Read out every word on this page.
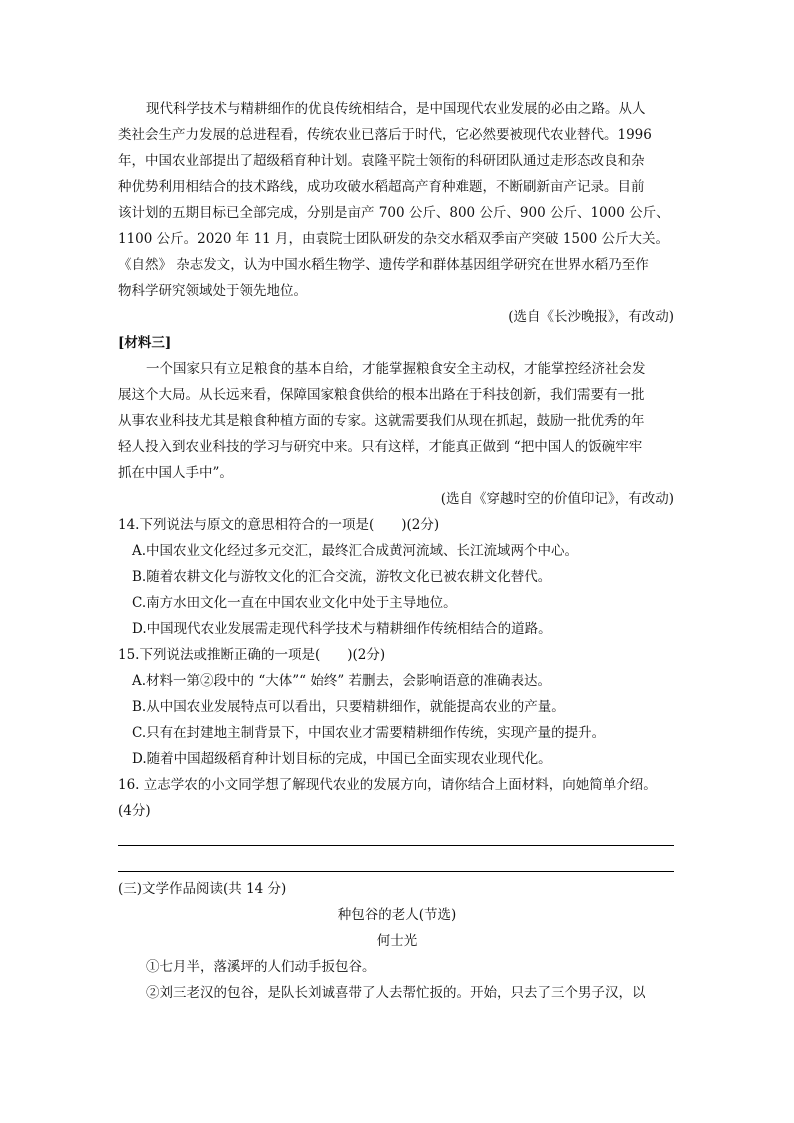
现代科学技术与精耕细作的优良传统相结合，是中国现代农业发展的必由之路。从人
类社会生产力发展的总进程看，传统农业已落后于时代，它必然要被现代农业替代。1996
年，中国农业部提出了超级稻育种计划。袁隆平院士领衔的科研团队通过走形态改良和杂
种优势利用相结合的技术路线，成功攻破水稻超高产育种难题，不断刷新亩产记录。目前
该计划的五期目标已全部完成，分别是亩产 700 公斤、800 公斤、900 公斤、1000 公斤、
1100 公斤。2020 年 11 月，由袁院士团队研发的杂交水稻双季亩产突破 1500 公斤大关。
《自然》 杂志发文，认为中国水稻生物学、遗传学和群体基因组学研究在世界水稻乃至作
物科学研究领域处于领先地位。
(选自《长沙晚报》，有改动)
[材料三]
一个国家只有立足粮食的基本自给，才能掌握粮食安全主动权，才能掌控经济社会发
展这个大局。从长远来看，保障国家粮食供给的根本出路在于科技创新，我们需要有一批
从事农业科技尤其是粮食种植方面的专家。这就需要我们从现在抓起，鼓励一批优秀的年
轻人投入到农业科技的学习与研究中来。只有这样，才能真正做到 “把中国人的饭碗牢牢
抓在中国人手中”。
(选自《穿越时空的价值印记》，有改动)
14.下列说法与原文的意思相符合的一项是(　　)(2分)
A.中国农业文化经过多元交汇，最终汇合成黄河流域、长江流域两个中心。
B.随着农耕文化与游牧文化的汇合交流，游牧文化已被农耕文化替代。
C.南方水田文化一直在中国农业文化中处于主导地位。
D.中国现代农业发展需走现代科学技术与精耕细作传统相结合的道路。
15.下列说法或推断正确的一项是(　　)(2分)
A.材料一第②段中的 “大体”“ 始终” 若删去，会影响语意的准确表达。
B.从中国农业发展特点可以看出，只要精耕细作，就能提高农业的产量。
C.只有在封建地主制背景下，中国农业才需要精耕细作传统，实现产量的提升。
D.随着中国超级稻育种计划目标的完成，中国已全面实现农业现代化。
16. 立志学农的小文同学想了解现代农业的发展方向，请你结合上面材料，向她简单介绍。
(4分)
(三)文学作品阅读(共 14 分)
种包谷的老人(节选)
何士光
①七月半，落溪坪的人们动手扳包谷。
②刘三老汉的包谷，是队长刘诚喜带了人去帮忙扳的。开始，只去了三个男子汉，以
